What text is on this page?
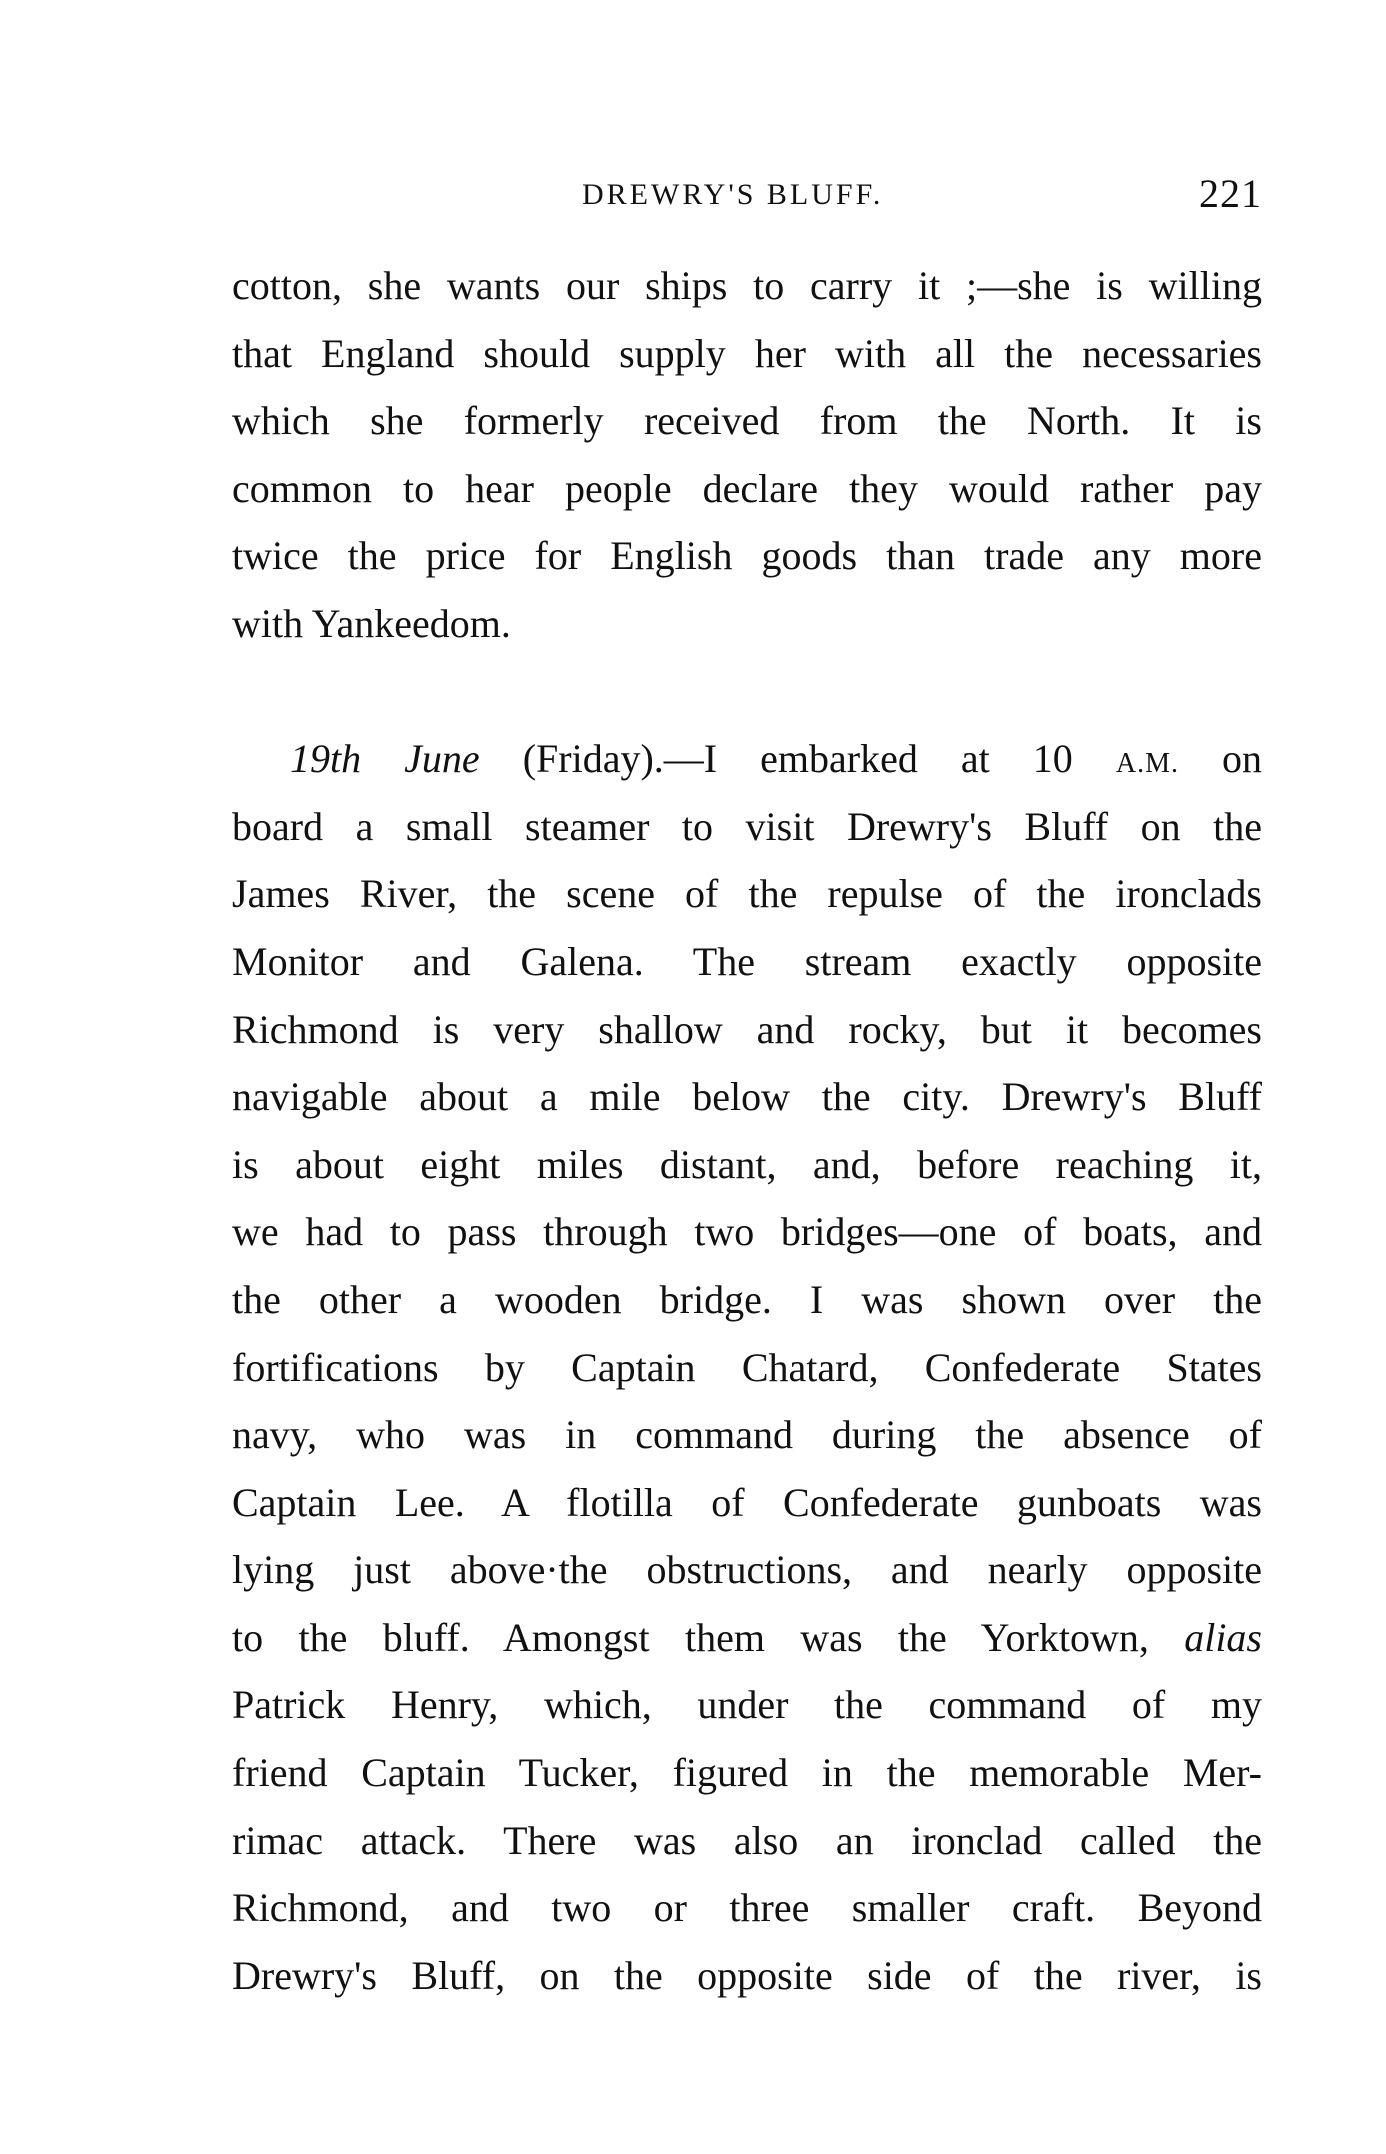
DREWRY'S BLUFF.	221
cotton, she wants our ships to carry it ;—she is willing
that England should supply her with all the necessaries
which she formerly received from the North. It is
common to hear people declare they would rather pay
twice the price for English goods than trade any more
with Yankeedom.
19th June (Friday).—I embarked at 10 A.M. on
board a small steamer to visit Drewry's Bluff on the
James River, the scene of the repulse of the ironclads
Monitor and Galena. The stream exactly opposite
Richmond is very shallow and rocky, but it becomes
navigable about a mile below the city. Drewry's Bluff
is about eight miles distant, and, before reaching it,
we had to pass through two bridges—one of boats, and
the other a wooden bridge. I was shown over the
fortifications by Captain Chatard, Confederate States
navy, who was in command during the absence of
Captain Lee. A flotilla of Confederate gunboats was
lying just above·the obstructions, and nearly opposite
to the bluff. Amongst them was the Yorktown, alias
Patrick Henry, which, under the command of my
friend Captain Tucker, figured in the memorable Mer-
rimac attack. There was also an ironclad called the
Richmond, and two or three smaller craft. Beyond
Drewry's Bluff, on the opposite side of the river, is
